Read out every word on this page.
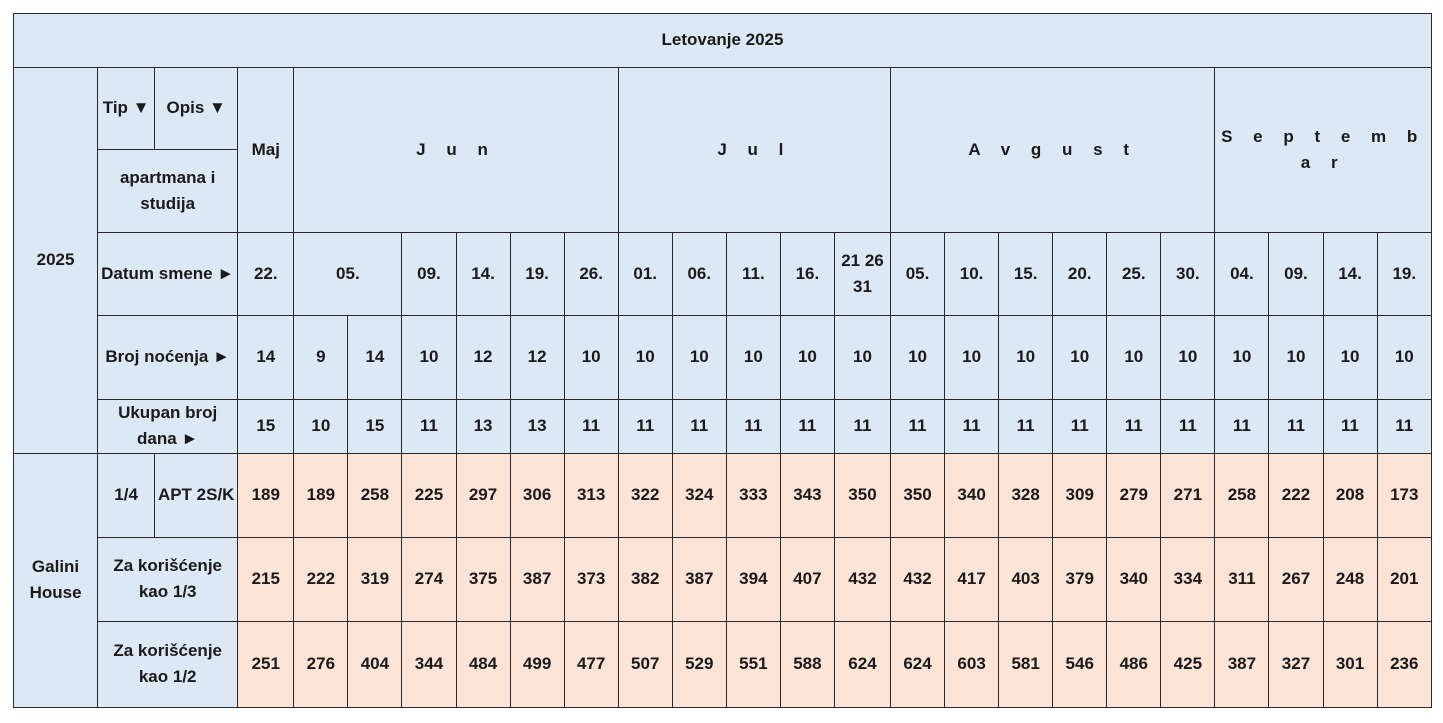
Letovanje 2025																								
2025	Tip ▼	Opis ▼	Maj	J u n						J u l					A v g u s t						S e p t e m b a r			
	apartmana i studija																							
	Datum smene ►		22.	05.		09.	14.	19.	26.	01.	06.	11.	16.	21 26 31	05.	10.	15.	20.	25.	30.	04.	09.	14.	19.
	Broj noćenja ►		14	9	14	10	12	12	10	10	10	10	10	10	10	10	10	10	10	10	10	10	10	10
	Ukupan broj dana ►		15	10	15	11	13	13	11	11	11	11	11	11	11	11	11	11	11	11	11	11	11	11
Galini House	1/4	APT 2S/K	189	189	258	225	297	306	313	322	324	333	343	350	350	340	328	309	279	271	258	222	208	173
	Za korišćenje kao 1/3		215	222	319	274	375	387	373	382	387	394	407	432	432	417	403	379	340	334	311	267	248	201
	Za korišćenje kao 1/2		251	276	404	344	484	499	477	507	529	551	588	624	624	603	581	546	486	425	387	327	301	236
